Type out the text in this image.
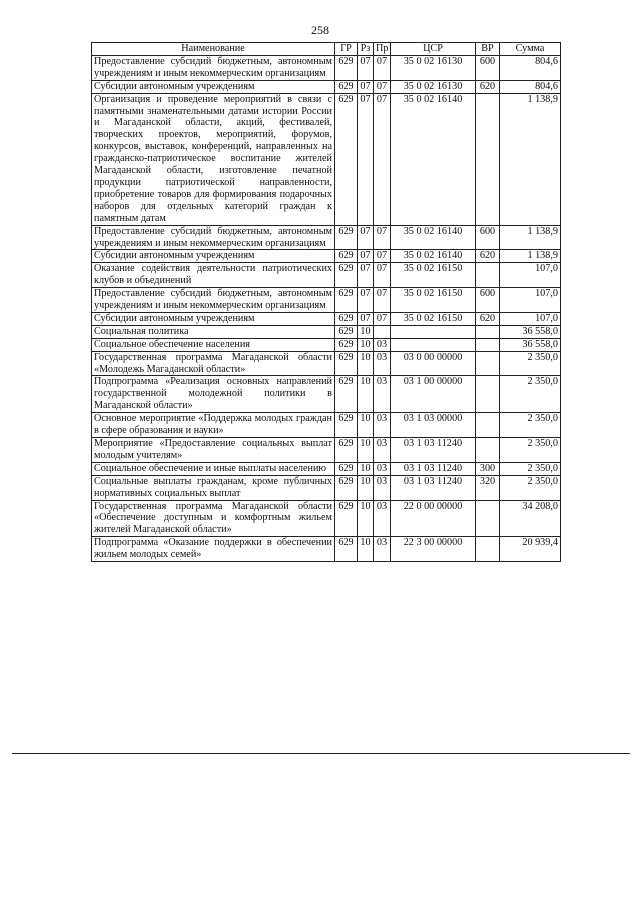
258
Наименование	ГР	Рз	Пр	ЦСР	ВР	Сумма
Предоставление субсидий бюджетным, автономным учреждениям и иным некоммерческим организациям	629	07	07	35 0 02 16130	600	804,6
Субсидии автономным учреждениям	629	07	07	35 0 02 16130	620	804,6
Организация и проведение мероприятий в связи с памятными знаменательными датами истории России и Магаданской области, акций, фестивалей, творческих проектов, мероприятий, форумов, конкурсов, выставок, конференций, направленных на гражданско-патриотическое воспитание жителей Магаданской области, изготовление печатной продукции патриотической направленности, приобретение товаров для формирования подарочных наборов для отдельных категорий граждан к памятным датам	629	07	07	35 0 02 16140		1 138,9
Предоставление субсидий бюджетным, автономным учреждениям и иным некоммерческим организациям	629	07	07	35 0 02 16140	600	1 138,9
Субсидии автономным учреждениям	629	07	07	35 0 02 16140	620	1 138,9
Оказание содействия деятельности патриотических клубов и объединений	629	07	07	35 0 02 16150		107,0
Предоставление субсидий бюджетным, автономным учреждениям и иным некоммерческим организациям	629	07	07	35 0 02 16150	600	107,0
Субсидии автономным учреждениям	629	07	07	35 0 02 16150	620	107,0
Социальная политика	629	10				36 558,0
Социальное обеспечение населения	629	10	03			36 558,0
Государственная программа Магаданской области «Молодежь Магаданской области»	629	10	03	03 0 00 00000		2 350,0
Подпрограмма «Реализация основных направлений государственной молодежной политики в Магаданской области»	629	10	03	03 1 00 00000		2 350,0
Основное мероприятие «Поддержка молодых граждан в сфере образования и науки»	629	10	03	03 1 03 00000		2 350,0
Мероприятие «Предоставление социальных выплат молодым учителям»	629	10	03	03 1 03 11240		2 350,0
Социальное обеспечение и иные выплаты населению	629	10	03	03 1 03 11240	300	2 350,0
Социальные выплаты гражданам, кроме публичных нормативных социальных выплат	629	10	03	03 1 03 11240	320	2 350,0
Государственная программа Магаданской области «Обеспечение доступным и комфортным жильем жителей Магаданской области»	629	10	03	22 0 00 00000		34 208,0
Подпрограмма «Оказание поддержки в обеспечении жильем молодых семей»	629	10	03	22 3 00 00000		20 939,4
